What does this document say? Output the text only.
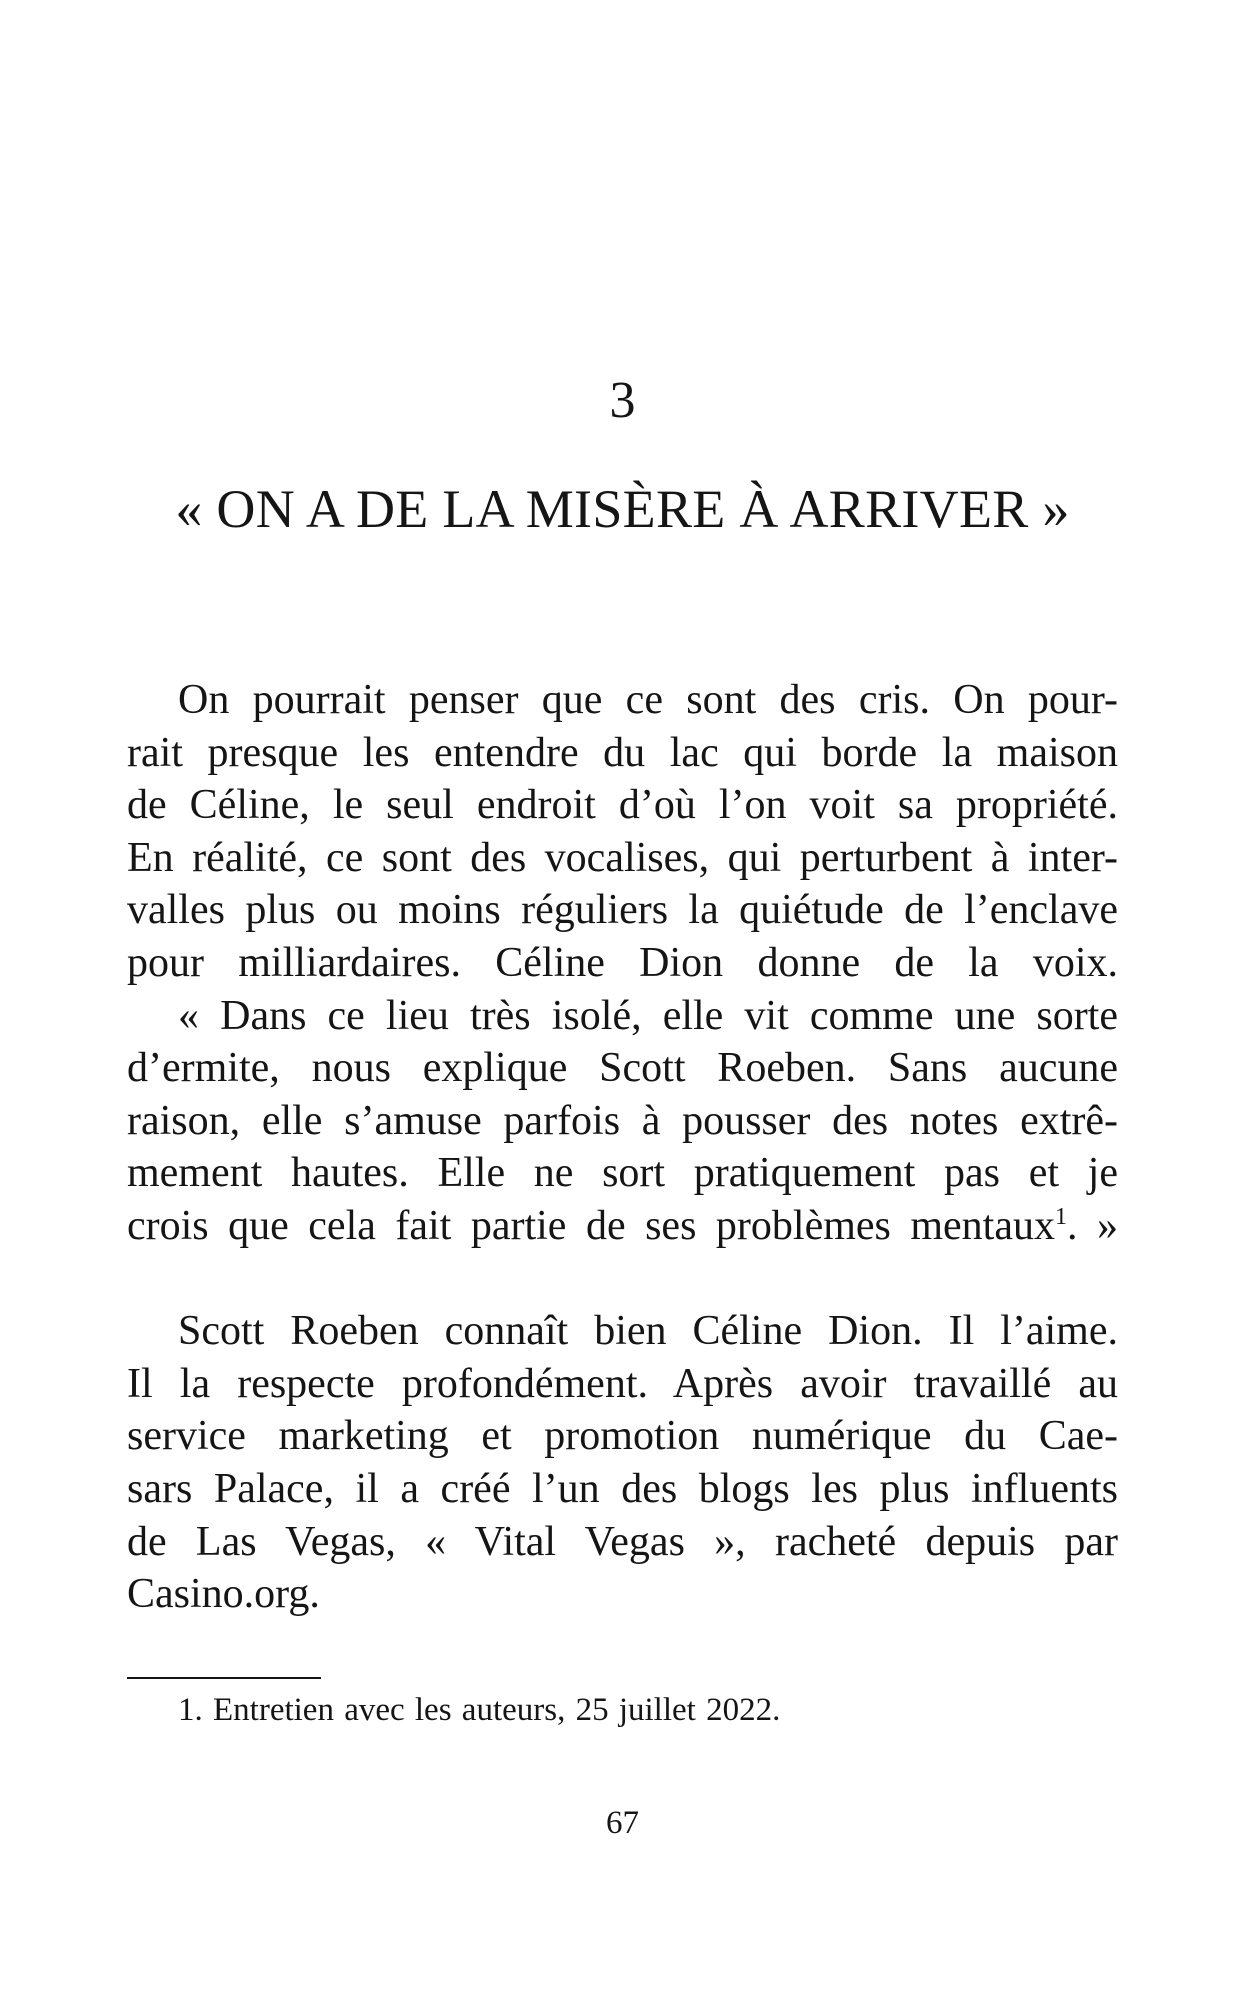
3
« ON A DE LA MISÈRE À ARRIVER »
On pourrait penser que ce sont des cris. On pour-
rait presque les entendre du lac qui borde la maison
de Céline, le seul endroit d’où l’on voit sa propriété.
En réalité, ce sont des vocalises, qui perturbent à inter-
valles plus ou moins réguliers la quiétude de l’enclave
pour milliardaires. Céline Dion donne de la voix.
« Dans ce lieu très isolé, elle vit comme une sorte
d’ermite, nous explique Scott Roeben. Sans aucune
raison, elle s’amuse parfois à pousser des notes extrê-
mement hautes. Elle ne sort pratiquement pas et je
crois que cela fait partie de ses problèmes mentaux$^1$. »
Scott Roeben connaît bien Céline Dion. Il l’aime.
Il la respecte profondément. Après avoir travaillé au
service marketing et promotion numérique du Cae-
sars Palace, il a créé l’un des blogs les plus influents
de Las Vegas, « Vital Vegas », racheté depuis par
Casino.org.
1. Entretien avec les auteurs, 25 juillet 2022.
67
